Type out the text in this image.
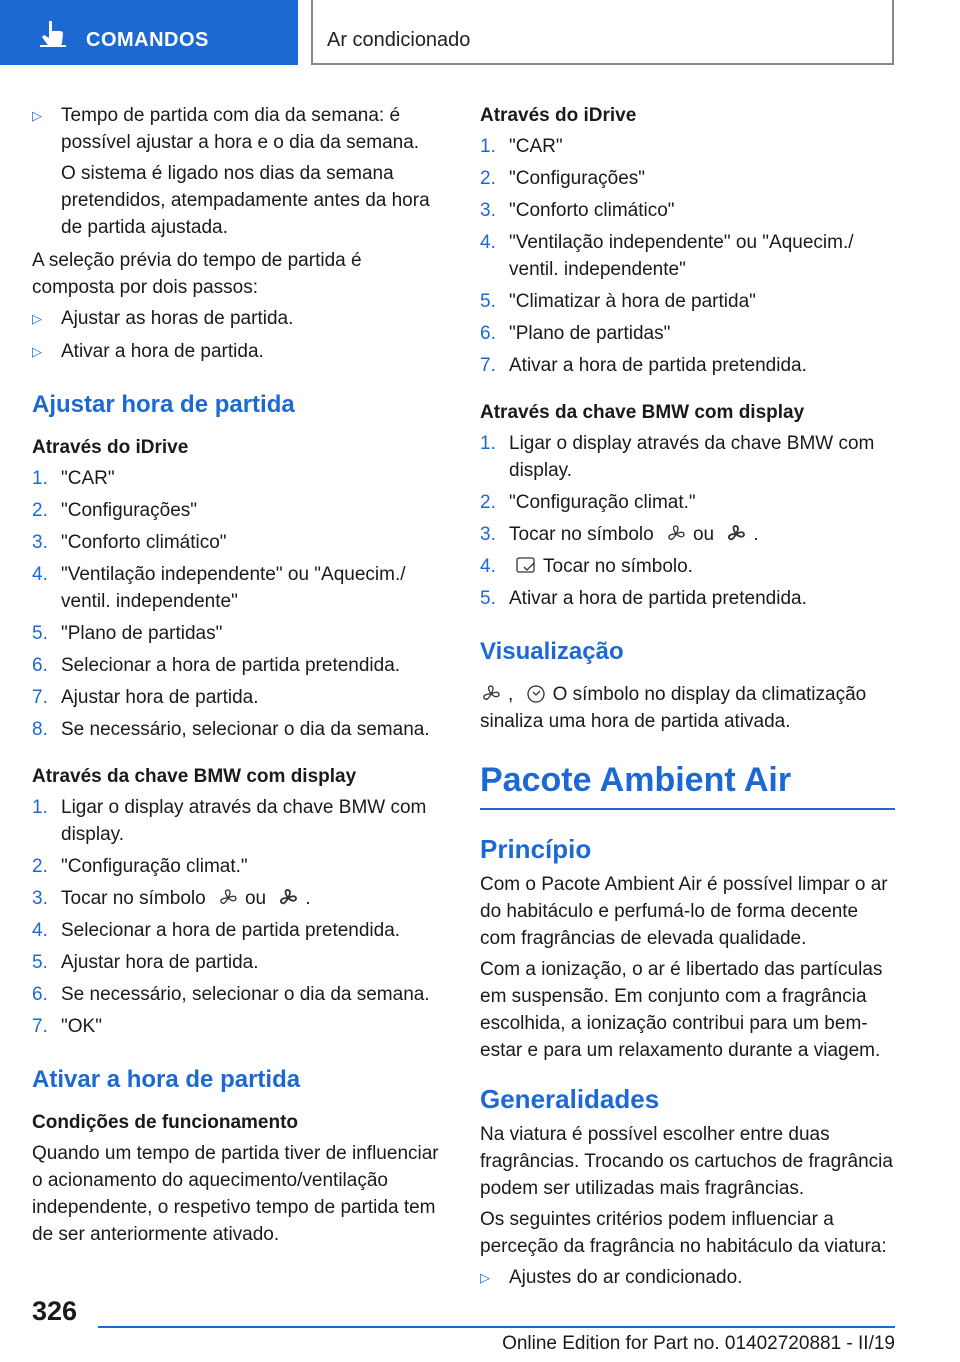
COMANDOS	Ar condicionado
▷ Tempo de partida com dia da semana: é possível ajustar a hora e o dia da semana.

O sistema é ligado nos dias da semana pretendidos, atempadamente antes da hora de partida ajustada.

A seleção prévia do tempo de partida é composta por dois passos:

▷ Ajustar as horas de partida.
▷ Ativar a hora de partida.
Ajustar hora de partida
Através do iDrive
1. "CAR"
2. "Configurações"
3. "Conforto climático"
4. "Ventilação independente" ou "Aquecim./ ventil. independente"
5. "Plano de partidas"
6. Selecionar a hora de partida pretendida.
7. Ajustar hora de partida.
8. Se necessário, selecionar o dia da semana.
Através da chave BMW com display
1. Ligar o display através da chave BMW com display.
2. "Configuração climat."
3. Tocar no símbolo ou .
4. Selecionar a hora de partida pretendida.
5. Ajustar hora de partida.
6. Se necessário, selecionar o dia da semana.
7. "OK"
Ativar a hora de partida
Condições de funcionamento

Quando um tempo de partida tiver de influenciar o acionamento do aquecimento/ventilação independente, o respetivo tempo de partida tem de ser anteriormente ativado.

Através do iDrive
1. "CAR"
2. "Configurações"
3. "Conforto climático"
4. "Ventilação independente" ou "Aquecim./ ventil. independente"
5. "Climatizar à hora de partida"
6. "Plano de partidas"
7. Ativar a hora de partida pretendida.
Através da chave BMW com display
1. Ligar o display através da chave BMW com display.
2. "Configuração climat."
3. Tocar no símbolo ou .
4. Tocar no símbolo.
5. Ativar a hora de partida pretendida.
Visualização

, O símbolo no display da climatização sinaliza uma hora de partida ativada.

Pacote Ambient Air
Princípio

Com o Pacote Ambient Air é possível limpar o ar do habitáculo e perfumá-lo de forma decente com fragrâncias de elevada qualidade.

Com a ionização, o ar é libertado das partículas em suspensão. Em conjunto com a fragrância escolhida, a ionização contribui para um bem-estar e para um relaxamento durante a viagem.

Generalidades

Na viatura é possível escolher entre duas fragrâncias. Trocando os cartuchos de fragrância podem ser utilizadas mais fragrâncias.

Os seguintes critérios podem influenciar a perceção da fragrância no habitáculo da viatura:

▷ Ajustes do ar condicionado.
326
Online Edition for Part no. 01402720881 - II/19
